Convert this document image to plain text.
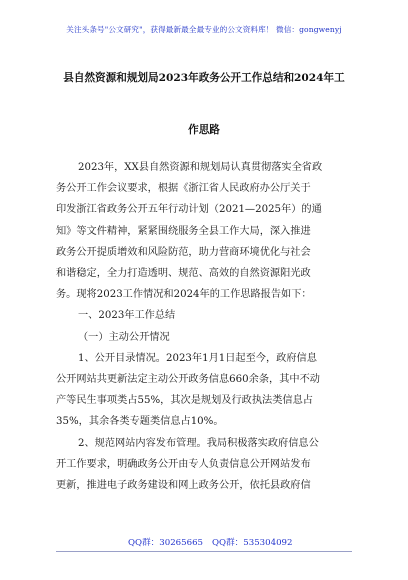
关注头条号"公文研究"，获得最新最全最专业的公文资料库！ 微信：gongwenyj
县自然资源和规划局2023年政务公开工作总结和2024年工
作思路
2023年，XX县自然资源和规划局认真贯彻落实全省政
务公开工作会议要求，根据《浙江省人民政府办公厅关于
印发浙江省政务公开五年行动计划（2021—2025年）的通
知》等文件精神，紧紧围绕服务全县工作大局，深入推进
政务公开提质增效和风险防范，助力营商环境优化与社会
和谐稳定，全力打造透明、规范、高效的自然资源阳光政
务。现将2023工作情况和2024年的工作思路报告如下：
一、2023年工作总结
（一）主动公开情况
1、公开目录情况。2023年1月1日起至今，政府信息
公开网站共更新法定主动公开政务信息660余条，其中不动
产等民生事项类占55%，其次是规划及行政执法类信息占
35%，其余各类专题类信息占10%。
2、规范网站内容发布管理。我局积极落实政府信息公
开工作要求，明确政务公开由专人负责信息公开网站发布
更新，推进电子政务建设和网上政务公开，依托县政府信
QQ群：30265665 QQ群：535304092
